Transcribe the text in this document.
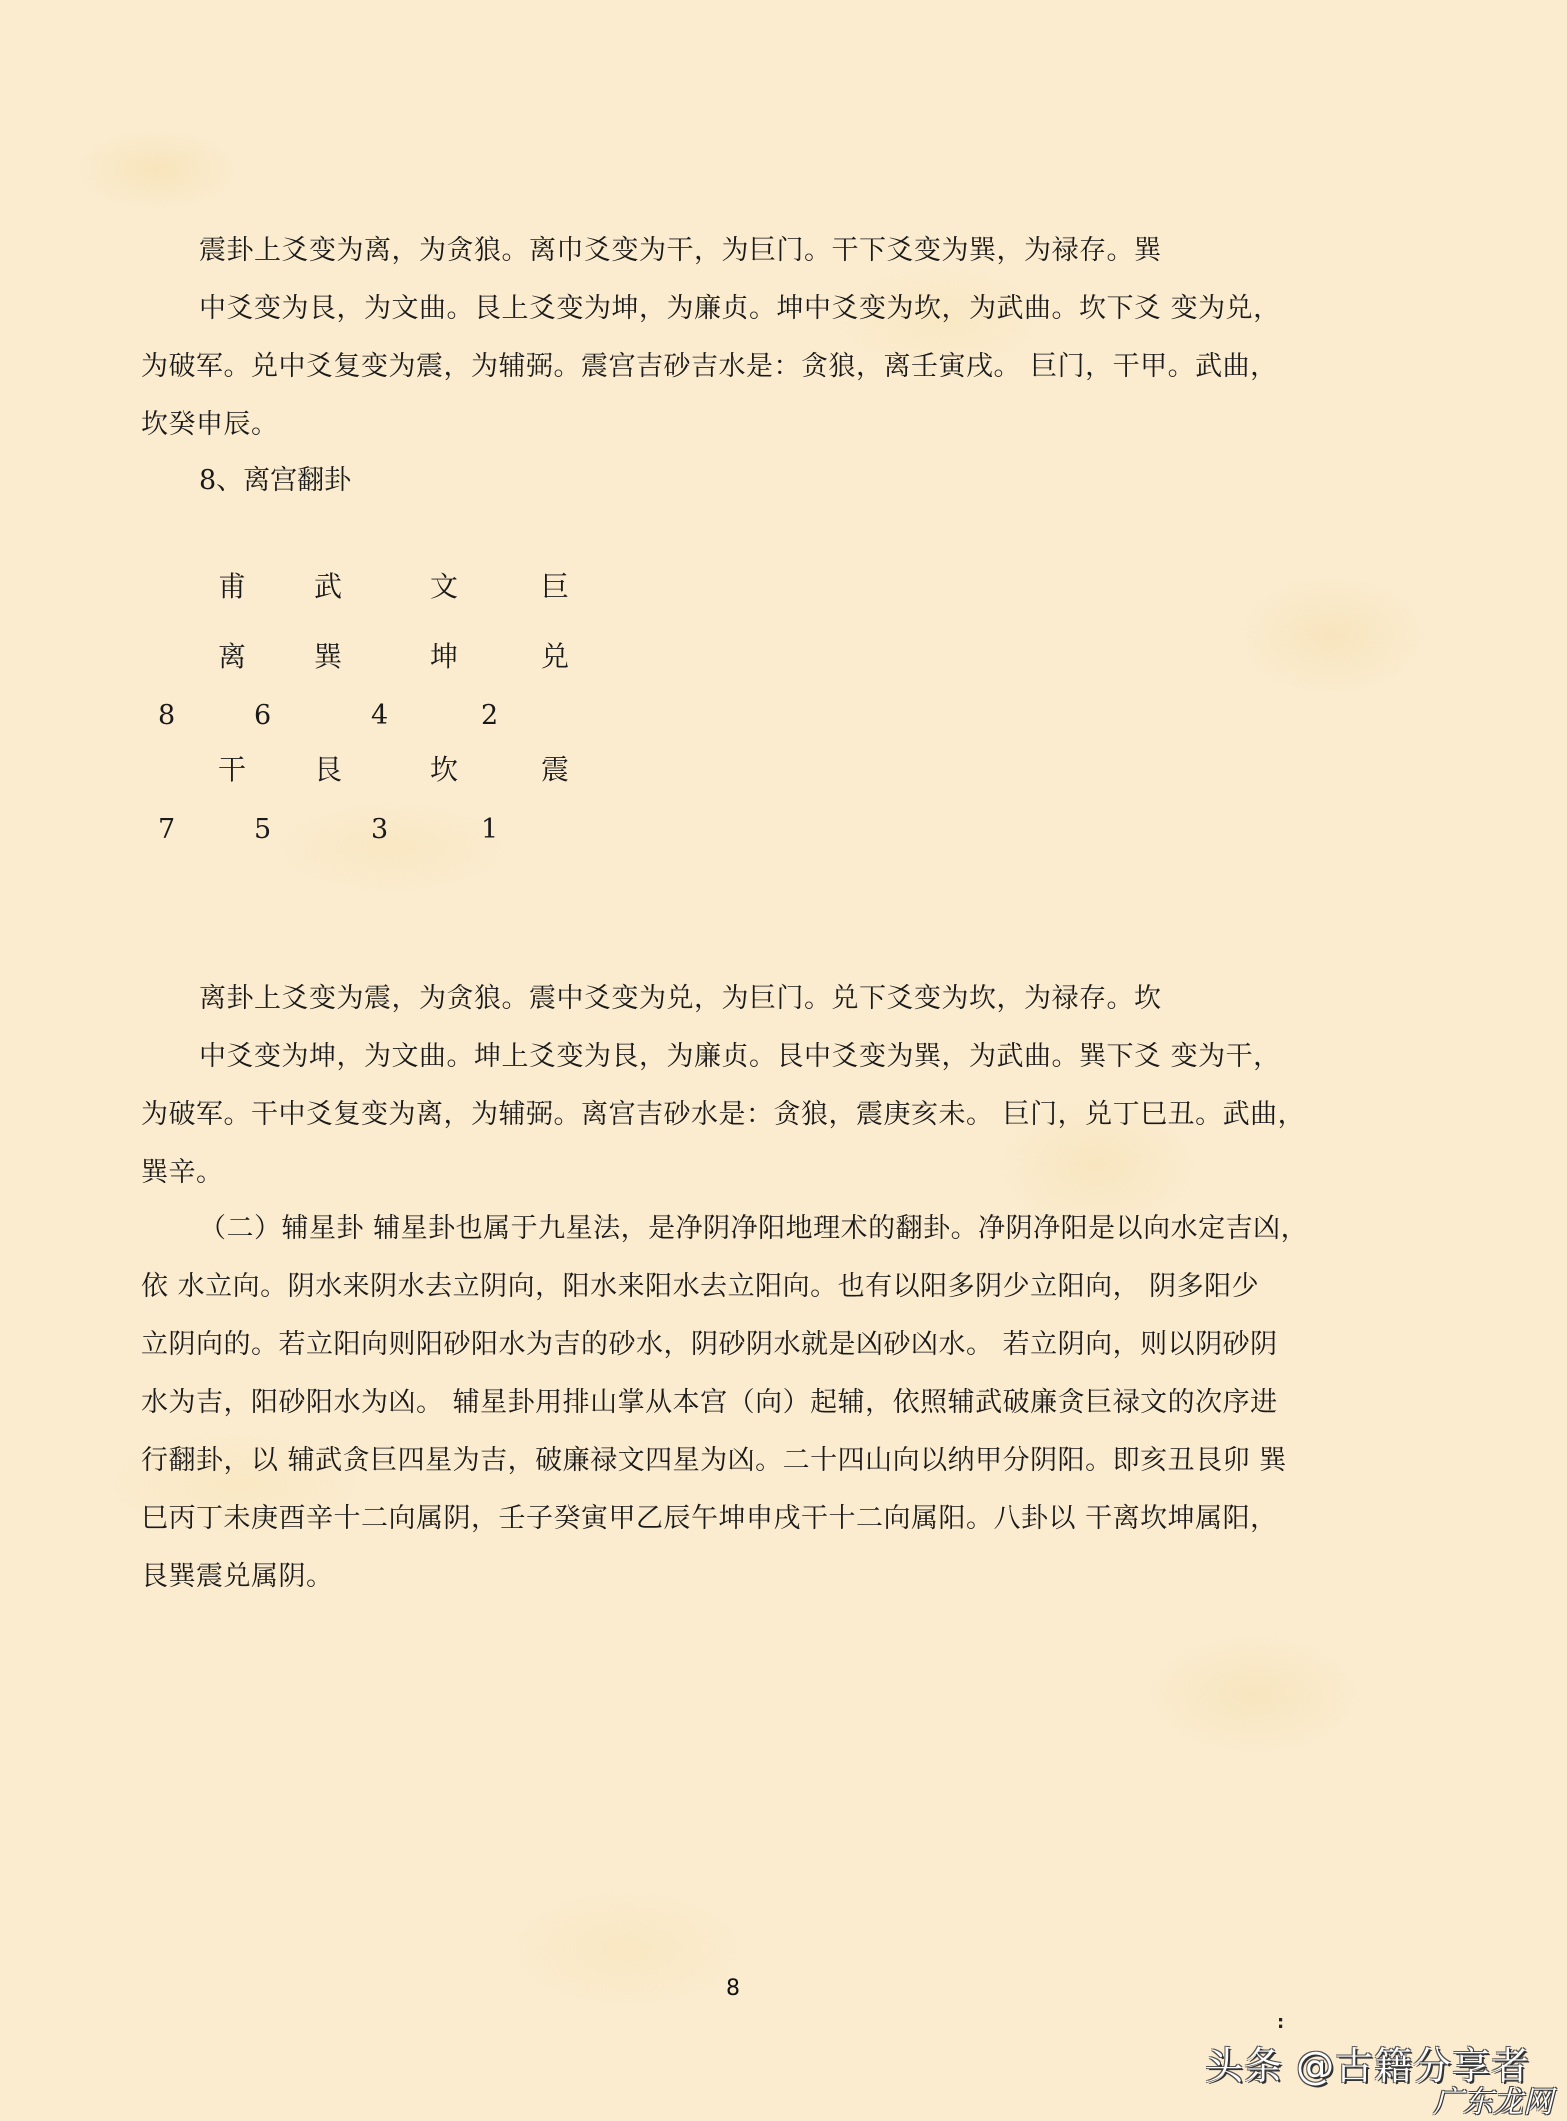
震卦上爻变为离，为贪狼。离巾爻变为干，为巨门。干下爻变为巽，为禄存。巽
中爻变为艮，为文曲。艮上爻变为坤，为廉贞。坤中爻变为坎，为武曲。坎下爻 变为兑，
为破军。兑中爻复变为震，为辅弼。震宫吉砂吉水是：贪狼，离壬寅戌。 巨门，干甲。武曲，
坎癸申辰。
8、离宫翻卦
甫 武	文	巨
离 巽	坤	兑
8	6	4	2
干 艮	坎	震
7	5	3	1
离卦上爻变为震，为贪狼。震中爻变为兑，为巨门。兑下爻变为坎，为禄存。坎
中爻变为坤，为文曲。坤上爻变为艮，为廉贞。艮中爻变为巽，为武曲。巽下爻 变为干，
为破军。干中爻复变为离，为辅弼。离宫吉砂水是：贪狼，震庚亥未。 巨门，兑丁巳丑。武曲，
巽辛。
（二）辅星卦 辅星卦也属于九星法，是净阴净阳地理术的翻卦。净阴净阳是以向水定吉凶，
依 水立向。阴水来阴水去立阴向，阳水来阳水去立阳向。也有以阳多阴少立阳向， 阴多阳少
立阴向的。若立阳向则阳砂阳水为吉的砂水，阴砂阴水就是凶砂凶水。 若立阴向，则以阴砂阴
水为吉，阳砂阳水为凶。 辅星卦用排山掌从本宫（向）起辅，依照辅武破廉贪巨禄文的次序进
行翻卦，以 辅武贪巨四星为吉，破廉禄文四星为凶。二十四山向以纳甲分阴阳。即亥丑艮卯 巽
巳丙丁未庚酉辛十二向属阴，壬子癸寅甲乙辰午坤申戌干十二向属阳。八卦以 干离坎坤属阳，
艮巽震兑属阴。
8
:
头条 @古籍分享者
广东龙网
